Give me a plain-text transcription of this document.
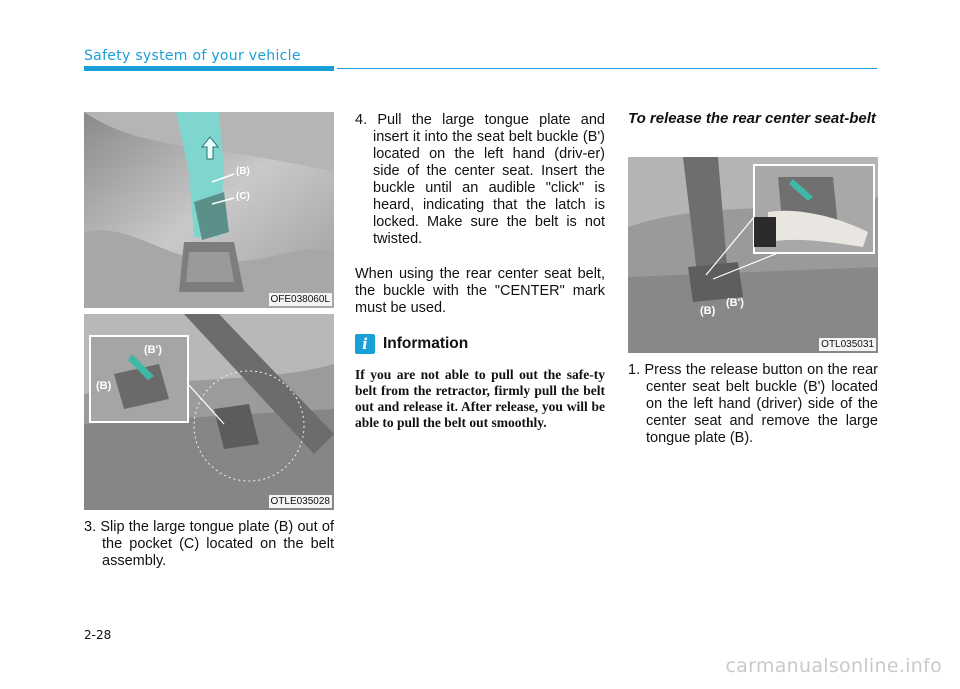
Safety system of your vehicle
(B)
(C)
OFE038060L
(B')
(B)
OTLE035028
3. Slip the large tongue plate (B) out of the pocket (C) located on the belt assembly.
4. Pull the large tongue plate and insert it into the seat belt buckle (B') located on the left hand (driv-er) side of the center seat. Insert the buckle until an audible "click" is heard, indicating that the latch is locked. Make sure the belt is not twisted.
When using the rear center seat belt, the buckle with the "CENTER" mark must be used.
i Information
If you are not able to pull out the safe-ty belt from the retractor, firmly pull the belt out and release it. After release, you will be able to pull the belt out smoothly.
To release the rear center seat-belt
(B)
(B')
OTL035031
1. Press the release button on the rear center seat belt buckle (B') located on the left hand (driver) side of the center seat and remove the large tongue plate (B).
2-28
carmanualsonline.info
